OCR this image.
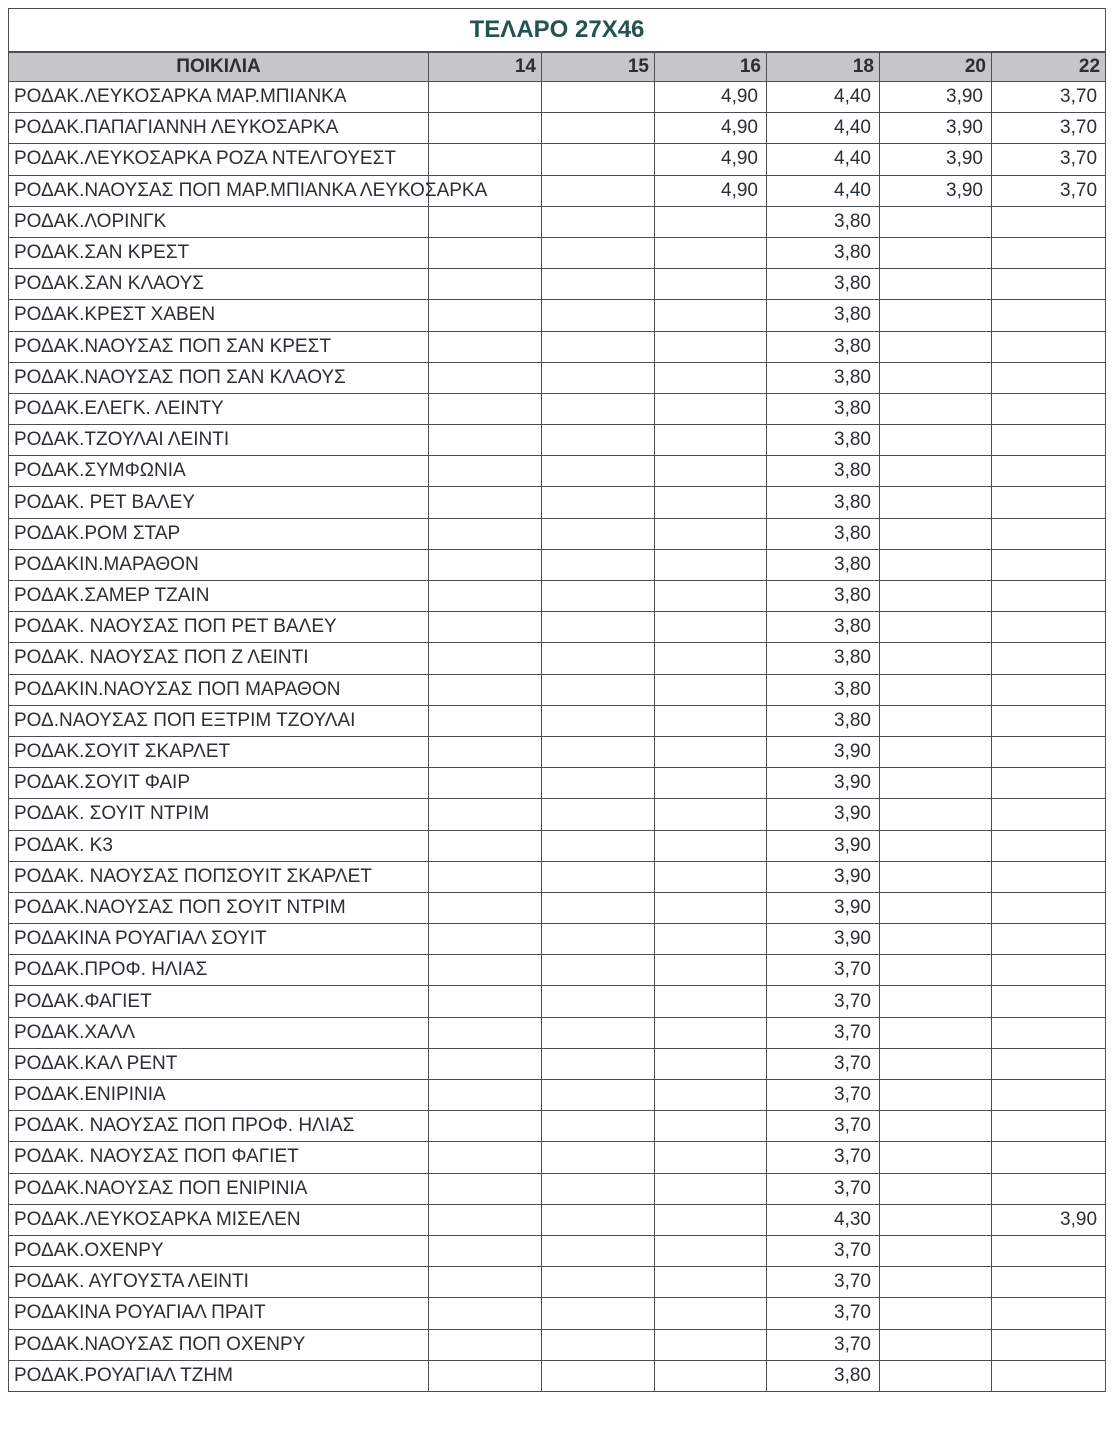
ΤΕΛΑΡΟ 27Χ46						
ΠΟΙΚΙΛΙΑ	14	15	16	18	20	22
ΡΟΔΑΚ.ΛΕΥΚΟΣΑΡΚΑ ΜΑΡ.ΜΠΙΑΝΚΑ			4,90	4,40	3,90	3,70
ΡΟΔΑΚ.ΠΑΠΑΓΙΑΝΝΗ ΛΕΥΚΟΣΑΡΚΑ			4,90	4,40	3,90	3,70
ΡΟΔΑΚ.ΛΕΥΚΟΣΑΡΚΑ ΡΟΖΑ ΝΤΕΛΓΟΥΕΣΤ			4,90	4,40	3,90	3,70
ΡΟΔΑΚ.ΝΑΟΥΣΑΣ ΠΟΠ ΜΑΡ.ΜΠΙΑΝΚΑ ΛΕΥΚΟΣΑΡΚΑ			4,90	4,40	3,90	3,70
ΡΟΔΑΚ.ΛΟΡΙΝΓΚ				3,80		
ΡΟΔΑΚ.ΣΑΝ ΚΡΕΣΤ				3,80		
ΡΟΔΑΚ.ΣΑΝ ΚΛΑΟΥΣ				3,80		
ΡΟΔΑΚ.ΚΡΕΣΤ ΧΑΒΕΝ				3,80		
ΡΟΔΑΚ.ΝΑΟΥΣΑΣ ΠΟΠ ΣΑΝ ΚΡΕΣΤ				3,80		
ΡΟΔΑΚ.ΝΑΟΥΣΑΣ ΠΟΠ ΣΑΝ ΚΛΑΟΥΣ				3,80		
ΡΟΔΑΚ.ΕΛΕΓΚ. ΛΕΙΝΤΥ				3,80		
ΡΟΔΑΚ.ΤΖΟΥΛΑΙ ΛΕΙΝΤΙ				3,80		
ΡΟΔΑΚ.ΣΥΜΦΩΝΙΑ				3,80		
ΡΟΔΑΚ. ΡΕΤ ΒΑΛΕΥ				3,80		
ΡΟΔΑΚ.ΡΟΜ ΣΤΑΡ				3,80		
ΡΟΔΑΚΙΝ.ΜΑΡΑΘΟΝ				3,80		
ΡΟΔΑΚ.ΣΑΜΕΡ ΤΖΑΙΝ				3,80		
ΡΟΔΑΚ. ΝΑΟΥΣΑΣ ΠΟΠ ΡΕΤ ΒΑΛΕΥ				3,80		
ΡΟΔΑΚ. ΝΑΟΥΣΑΣ ΠΟΠ Ζ ΛΕΙΝΤΙ				3,80		
ΡΟΔΑΚΙΝ.ΝΑΟΥΣΑΣ ΠΟΠ ΜΑΡΑΘΟΝ				3,80		
ΡΟΔ.ΝΑΟΥΣΑΣ ΠΟΠ ΕΞΤΡΙΜ ΤΖΟΥΛΑΙ				3,80		
ΡΟΔΑΚ.ΣΟΥΙΤ ΣΚΑΡΛΕΤ				3,90		
ΡΟΔΑΚ.ΣΟΥΙΤ ΦΑΙΡ				3,90		
ΡΟΔΑΚ. ΣΟΥΙΤ ΝΤΡΙΜ				3,90		
ΡΟΔΑΚ. Κ3				3,90		
ΡΟΔΑΚ. ΝΑΟΥΣΑΣ ΠΟΠΣΟΥΙΤ ΣΚΑΡΛΕΤ				3,90		
ΡΟΔΑΚ.ΝΑΟΥΣΑΣ ΠΟΠ ΣΟΥΙΤ ΝΤΡΙΜ				3,90		
ΡΟΔΑΚΙΝΑ ΡΟΥΑΓΙΑΛ ΣΟΥΙΤ				3,90		
ΡΟΔΑΚ.ΠΡΟΦ. ΗΛΙΑΣ				3,70		
ΡΟΔΑΚ.ΦΑΓΙΕΤ				3,70		
ΡΟΔΑΚ.ΧΑΛΛ				3,70		
ΡΟΔΑΚ.ΚΑΛ ΡΕΝΤ				3,70		
ΡΟΔΑΚ.ΕΝΙΡΙΝΙΑ				3,70		
ΡΟΔΑΚ. ΝΑΟΥΣΑΣ ΠΟΠ ΠΡΟΦ. ΗΛΙΑΣ				3,70		
ΡΟΔΑΚ. ΝΑΟΥΣΑΣ ΠΟΠ ΦΑΓΙΕΤ				3,70		
ΡΟΔΑΚ.ΝΑΟΥΣΑΣ ΠΟΠ ΕΝΙΡΙΝΙΑ				3,70		
ΡΟΔΑΚ.ΛΕΥΚΟΣΑΡΚΑ ΜΙΣΕΛΕΝ				4,30		3,90
ΡΟΔΑΚ.ΟΧΕΝΡΥ				3,70		
ΡΟΔΑΚ. ΑΥΓΟΥΣΤΑ ΛΕΙΝΤΙ				3,70		
ΡΟΔΑΚΙΝΑ ΡΟΥΑΓΙΑΛ ΠΡΑΙΤ				3,70		
ΡΟΔΑΚ.ΝΑΟΥΣΑΣ ΠΟΠ ΟΧΕΝΡΥ				3,70		
ΡΟΔΑΚ.ΡΟΥΑΓΙΑΛ ΤΖΗΜ				3,80		
